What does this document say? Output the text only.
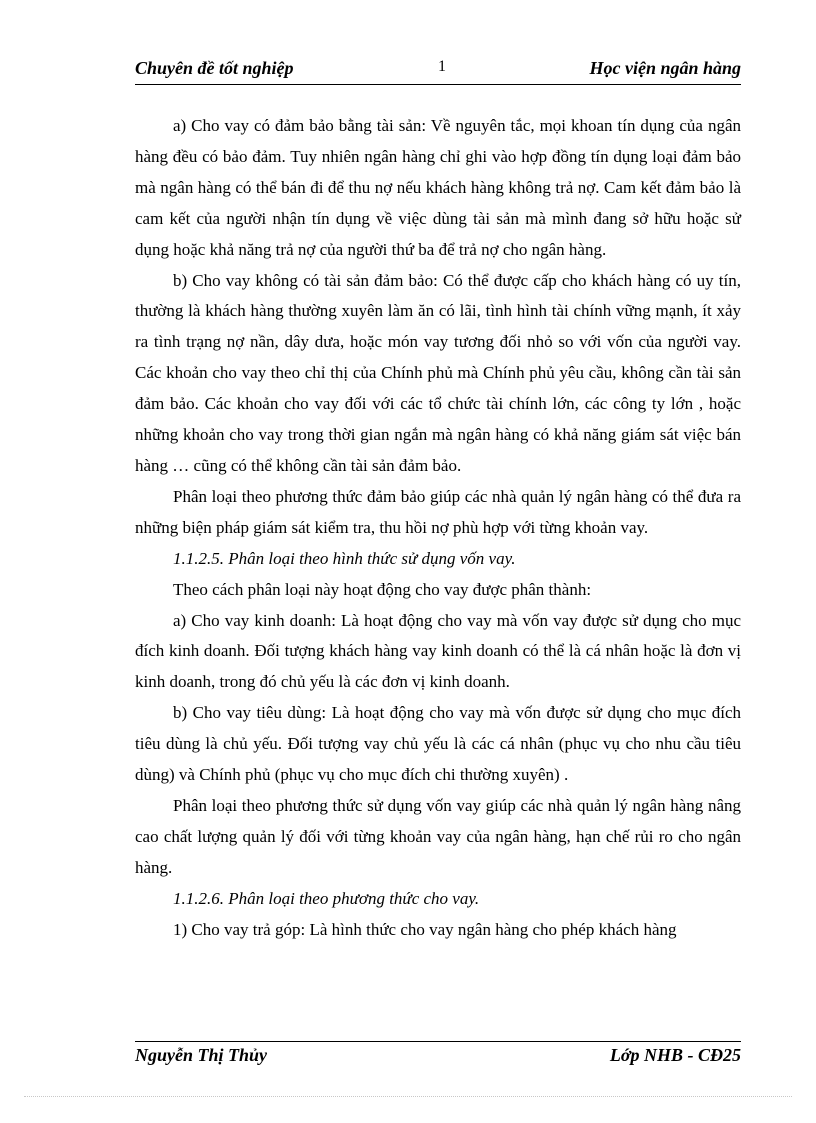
Chuyên đề tốt nghiệp	1	Học viện ngân hàng

a) Cho vay có đảm bảo bằng tài sản: Về nguyên tắc, mọi khoan tín dụng của ngân hàng đều có bảo đảm. Tuy nhiên ngân hàng chỉ ghi vào hợp đồng tín dụng loại đảm bảo mà ngân hàng có thể bán đi để thu nợ nếu khách hàng không trả nợ. Cam kết đảm bảo là cam kết của người nhận tín dụng về việc dùng tài sản mà mình đang sở hữu hoặc sử dụng hoặc khả năng trả nợ của người thứ ba để trả nợ cho ngân hàng.

b) Cho vay không có tài sản đảm bảo: Có thể được cấp cho khách hàng có uy tín, thường là khách hàng thường xuyên làm ăn có lãi, tình hình tài chính vững mạnh, ít xảy ra tình trạng nợ nần, dây dưa, hoặc món vay tương đối nhỏ so với vốn của người vay. Các khoản cho vay theo chỉ thị của Chính phủ mà Chính phủ yêu cầu, không cần tài sản đảm bảo. Các khoản cho vay đối với các tổ chức tài chính lớn, các công ty lớn , hoặc những khoản cho vay trong thời gian ngắn mà ngân hàng có khả năng giám sát việc bán hàng … cũng có thể không cần tài sản đảm bảo.

Phân loại theo phương thức đảm bảo giúp các nhà quản lý ngân hàng có thể đưa ra những biện pháp giám sát kiểm tra, thu hồi nợ phù hợp với từng khoản vay.

1.1.2.5. Phân loại theo hình thức sử dụng vốn vay.

Theo cách phân loại này hoạt động cho vay được phân thành:

a) Cho vay kinh doanh: Là hoạt động cho vay mà vốn vay được sử dụng cho mục đích kinh doanh. Đối tượng khách hàng vay kinh doanh có thể là cá nhân hoặc là đơn vị kinh doanh, trong đó chủ yếu là các đơn vị kinh doanh.

b) Cho vay tiêu dùng: Là hoạt động cho vay mà vốn được sử dụng cho mục đích tiêu dùng là chủ yếu. Đối tượng vay chủ yếu là các cá nhân (phục vụ cho nhu cầu tiêu dùng) và Chính phủ (phục vụ cho mục đích chi thường xuyên) .

Phân loại theo phương thức sử dụng vốn vay giúp các nhà quản lý ngân hàng nâng cao chất lượng quản lý đối với từng khoản vay của ngân hàng, hạn chế rủi ro cho ngân hàng.

1.1.2.6. Phân loại theo phương thức cho vay.

1) Cho vay trả góp: Là hình thức cho vay ngân hàng cho phép khách hàng

Nguyễn Thị Thủy	Lớp NHB - CĐ25
